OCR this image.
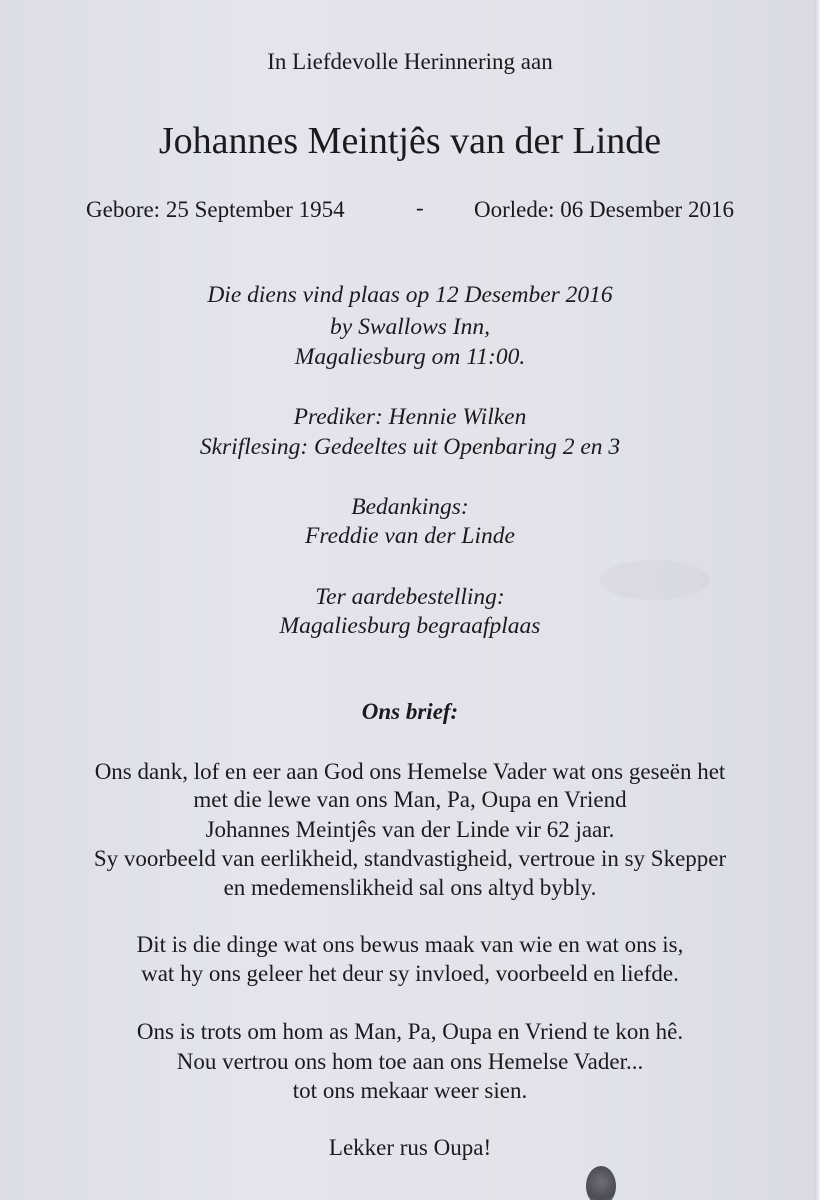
In Liefdevolle Herinnering aan
Johannes Meintjês van der Linde
Gebore: 25 September 1954	- Oorlede: 06 Desember 2016
Die diens vind plaas op 12 Desember 2016
by Swallows Inn,
Magaliesburg om 11:00.
Prediker: Hennie Wilken
Skriflesing: Gedeeltes uit Openbaring 2 en 3
Bedankings:
Freddie van der Linde
Ter aardebestelling:
Magaliesburg begraafplaas
Ons brief:
Ons dank, lof en eer aan God ons Hemelse Vader wat ons geseën het
met die lewe van ons Man, Pa, Oupa en Vriend
Johannes Meintjês van der Linde vir 62 jaar.
Sy voorbeeld van eerlikheid, standvastigheid, vertroue in sy Skepper
en medemenslikheid sal ons altyd bybly.
Dit is die dinge wat ons bewus maak van wie en wat ons is,
wat hy ons geleer het deur sy invloed, voorbeeld en liefde.
Ons is trots om hom as Man, Pa, Oupa en Vriend te kon hê.
Nou vertrou ons hom toe aan ons Hemelse Vader...
tot ons mekaar weer sien.
Lekker rus Oupa!
